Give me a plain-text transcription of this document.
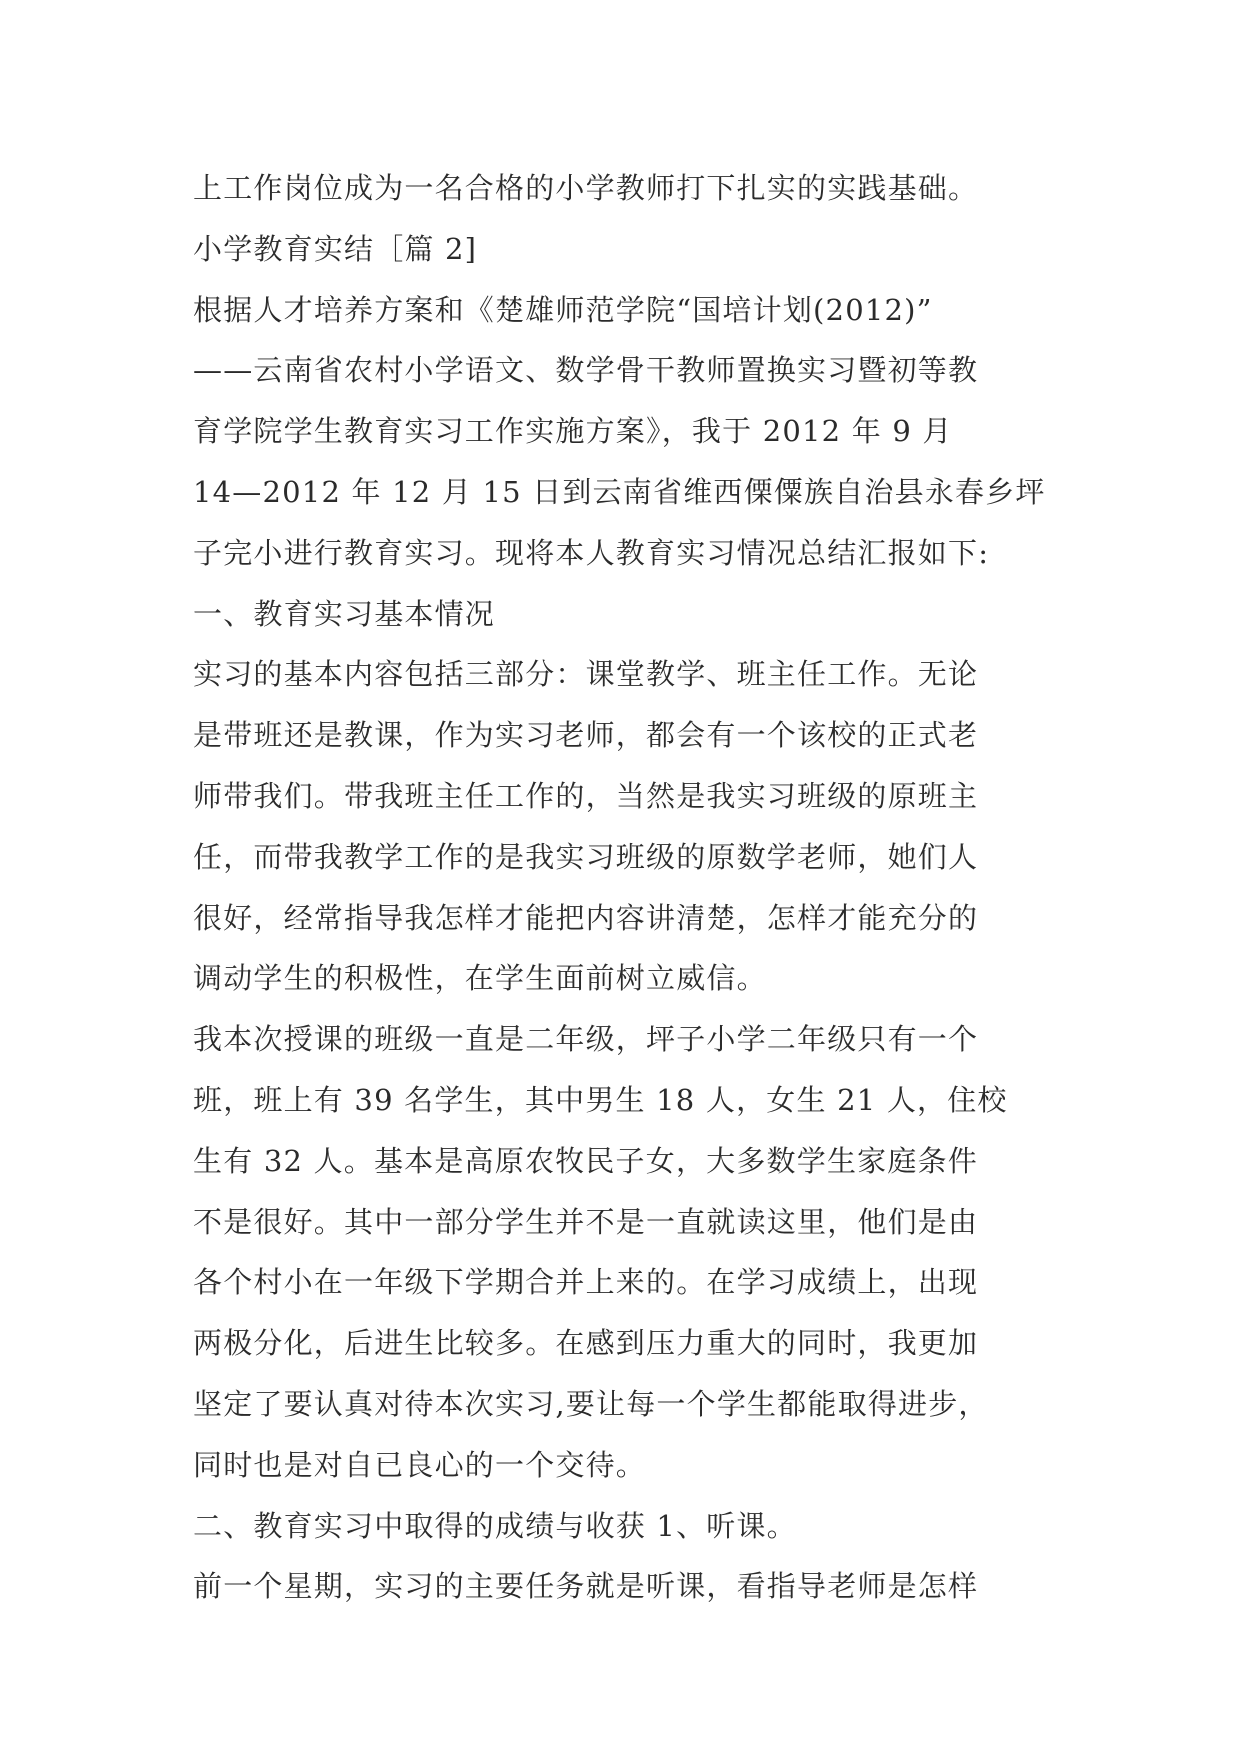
上工作岗位成为一名合格的小学教师打下扎实的实践基础。
小学教育实结［篇 2]
根据人才培养方案和《楚雄师范学院“国培计划(2012)”
——云南省农村小学语文、数学骨干教师置换实习暨初等教
育学院学生教育实习工作实施方案》，我于 2012 年 9 月
14—2012 年 12 月 15 日到云南省维西傈僳族自治县永春乡坪
子完小进行教育实习。现将本人教育实习情况总结汇报如下:
一、教育实习基本情况
实习的基本内容包括三部分：课堂教学、班主任工作。无论
是带班还是教课，作为实习老师，都会有一个该校的正式老
师带我们。带我班主任工作的，当然是我实习班级的原班主
任，而带我教学工作的是我实习班级的原数学老师，她们人
很好，经常指导我怎样才能把内容讲清楚，怎样才能充分的
调动学生的积极性，在学生面前树立威信。
我本次授课的班级一直是二年级，坪子小学二年级只有一个
班，班上有 39 名学生，其中男生 18 人，女生 21 人，住校
生有 32 人。基本是高原农牧民子女，大多数学生家庭条件
不是很好。其中一部分学生并不是一直就读这里，他们是由
各个村小在一年级下学期合并上来的。在学习成绩上，出现
两极分化，后进生比较多。在感到压力重大的同时，我更加
坚定了要认真对待本次实习,要让每一个学生都能取得进步，
同时也是对自已良心的一个交待。
二、教育实习中取得的成绩与收获 1、听课。
前一个星期，实习的主要任务就是听课，看指导老师是怎样
